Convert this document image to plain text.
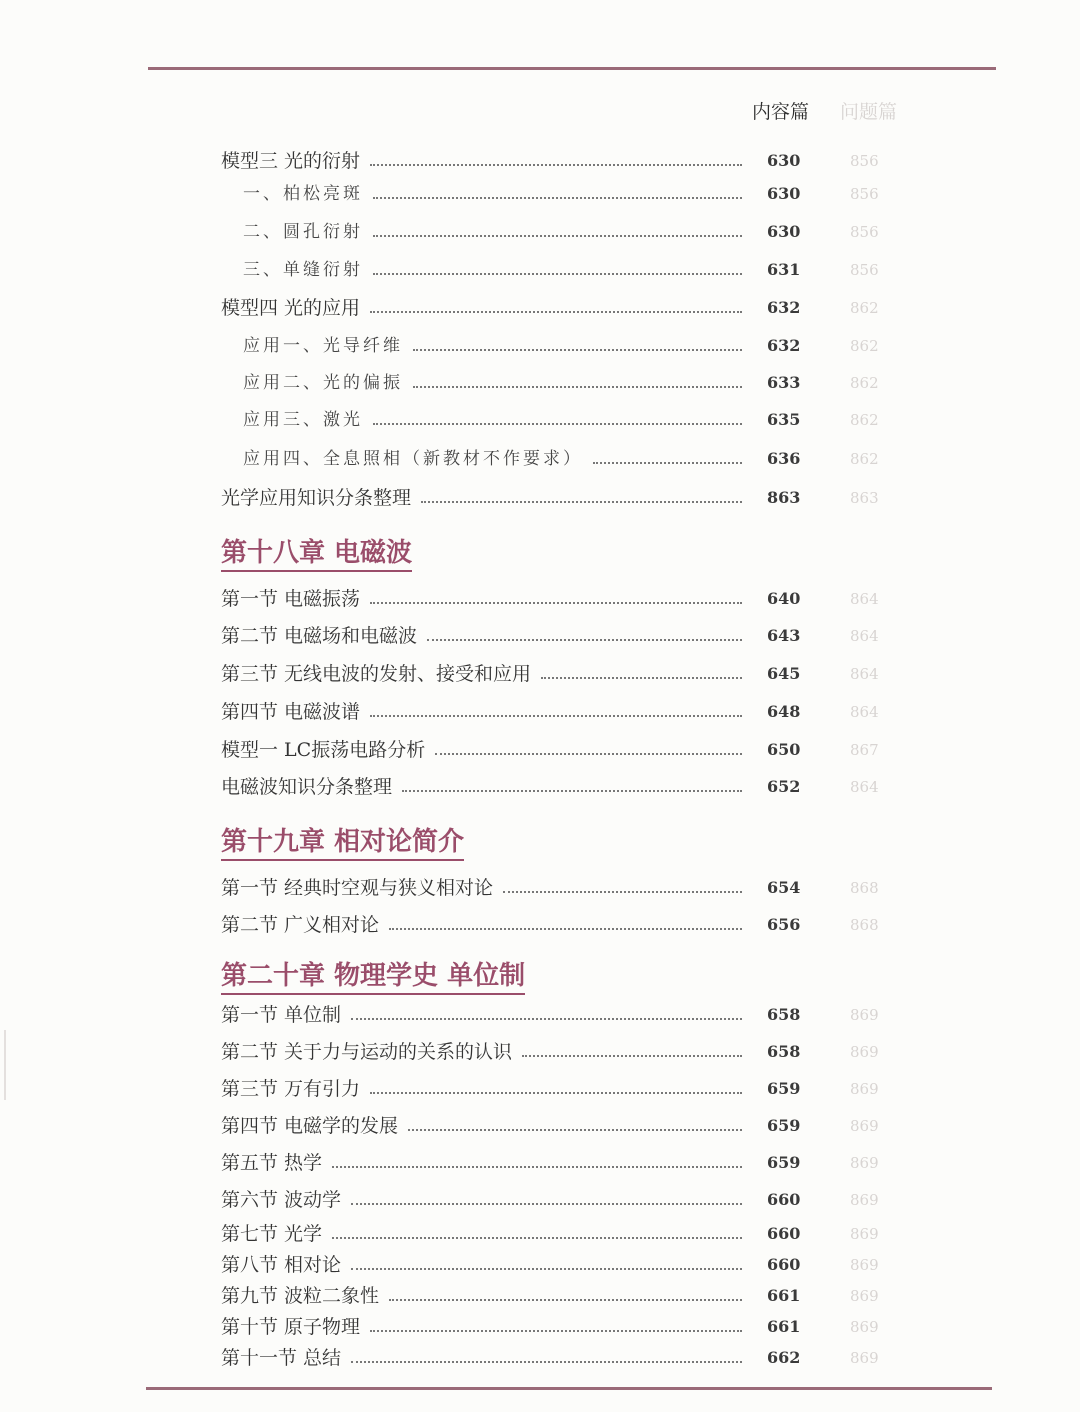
内容篇 问题篇
模型三 光的衍射	630	856
一、柏松亮斑	630	856
二、圆孔衍射	630	856
三、单缝衍射	631	856
模型四 光的应用	632	862
应用一、光导纤维	632	862
应用二、光的偏振	633	862
应用三、激光	635	862
应用四、全息照相（新教材不作要求）	636	862
光学应用知识分条整理	863	863
第十八章 电磁波
第一节 电磁振荡	640	864
第二节 电磁场和电磁波	643	864
第三节 无线电波的发射、接受和应用	645	864
第四节 电磁波谱	648	864
模型一 LC振荡电路分析	650	867
电磁波知识分条整理	652	864
第十九章 相对论简介
第一节 经典时空观与狭义相对论	654	868
第二节 广义相对论	656	868
第二十章 物理学史 单位制
第一节 单位制	658	869
第二节 关于力与运动的关系的认识	658	869
第三节 万有引力	659	869
第四节 电磁学的发展	659	869
第五节 热学	659	869
第六节 波动学	660	869
第七节 光学	660	869
第八节 相对论	660	869
第九节 波粒二象性	661	869
第十节 原子物理	661	869
第十一节 总结	662	869
